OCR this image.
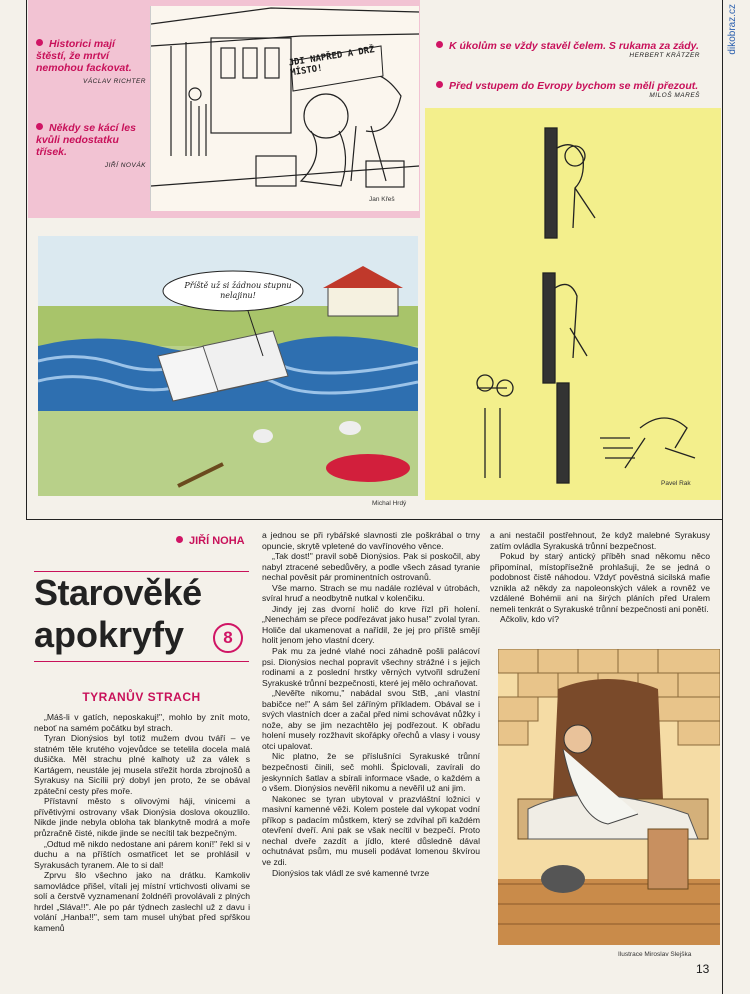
dikobraz.cz
Historici mají štěstí, že mrtví nemohou fackovat.
VÁCLAV RICHTER
Někdy se kácí les kvůli nedostatku třísek.
JIŘÍ NOVÁK
JDI NAPŘED A DRŽ MÍSTO!
Jan Křeš
K úkolům se vždy stavěl čelem. S rukama za zády.
HERBERT KRÄTZER
Před vstupem do Evropy bychom se měli přezout.
MILOŠ MAREŠ
Pavel Rak
Příště už si žádnou stupnu nelajinu!
Michal Hrdý
JIŘÍ NOHA
Starověké
apokryfy	8
TYRANŮV STRACH

„Máš-li v gatích, neposkakuj!", mohlo by znít moto, neboť na samém počátku byl strach.

Tyran Dionýsios byl totiž mužem dvou tváří – ve statném těle krutého vojevůdce se tetelila docela malá dušička. Měl strachu plné kalhoty už za válek s Kartágem, neustále jej musela střežit horda zbrojnošů a Syrakusy na Sicílii prý dobyl jen proto, že se obával zpáteční cesty přes moře.

Přístavní město s olivovými háji, vinicemi a přívětivými ostrovany však Dionýsia doslova okouzlilo. Nikde jinde nebyla obloha tak blankytně modrá a moře průzračně čisté, nikde jinde se necítil tak bezpečným.

„Odtud mě nikdo nedostane ani párem koní!" řekl si v duchu a na příštích osmatřicet let se prohlásil v Syrakusách tyranem. Ale to si dal!

Zprvu šlo všechno jako na drátku. Kamkoliv samovládce přišel, vítali jej místní vrtichvosti olivami se solí a čerstvě vyznamenaní žoldnéři provolávali z plných hrdel „Sláva!!". Ale po pár týdnech zaslechl už z davu i volání „Hanba!!", sem tam musel uhýbat před spŕškou kamenů

a jednou se při rybářské slavnosti zle poškrábal o trny opuncie, skrytě vpletené do vavřínového věnce.

„Tak dost!" pravil sobě Dionýsios. Pak si poskočil, aby nabyl ztracené sebedůvěry, a podle všech zásad tyranie nechal pověsit pár prominentních ostrovanů.

Vše marno. Strach se mu nadále rozléval v útrobách, svíral hruď a neodbytně nutkal v kolenčiku.

Jindy jej zas dvorní holič do krve řízl při holení. „Nenechám se přece podřezávat jako husa!" zvolal tyran. Holiče dal ukamenovat a nařídil, že jej pro příště smějí holit jenom jeho vlastní dcery.

Pak mu za jedné vlahé noci záhadně pošli palácoví psi. Dionýsios nechal popravit všechny strážné i s jejich rodinami a z poslední hrstky věrných vytvořil sdružení Syrakuské trůnní bezpečnosti, které jej mělo ochraňovat.

„Nevěřte nikomu," nabádal svou StB, „ani vlastní babičce ne!" A sám šel záříným příkladem. Obával se i svých vlastních dcer a začal před nimi schovávat nůžky i nože, aby se jim nezachtělo jej podřezout. K obřadu holení musely rozžhavit skořápky ořechů a vlasy i vousy otci upalovat.

Nic platno, že se příslušníci Syrakuské trůnní bezpečnosti činili, seč mohli. Špiclovali, zavírali do jeskynních šatlav a sbírali informace všade, o každém a o všem. Dionýsios nevěřil nikomu a nevěřil už ani jim.

Nakonec se tyran ubytoval v prazvláštní ložnici v masivní kamenné věži. Kolem postele dal vykopat vodní příkop s padacím můstkem, který se zdvíhal při každém otevření dveří. Ani pak se však necítil v bezpečí. Proto nechal dveře zazdít a jídlo, které důsledně dával ochutnávat psům, mu museli podávat lomenou škvírou ve zdi.

Dionýsios tak vládl ze své kamenné tvrze

a ani nestačil postřehnout, že když malebné Syrakusy zatím ovládla Syrakuská trůnní bezpečnost.

Pokud by starý antický příběh snad někomu něco připomínal, místopřísežně prohlašuji, že se jedná o podobnost čistě náhodou. Vždyť pověstná sicilská mafie vznikla až někdy za napoleonských válek a rovněž ve vzdálené Bohémii ani na širých pláních před Uralem nemeli tenkrát o Syrakuské trůnní bezpečnosti ani ponětí.

Ačkoliv, kdo ví?

Ilustrace Miroslav Slejška
13
